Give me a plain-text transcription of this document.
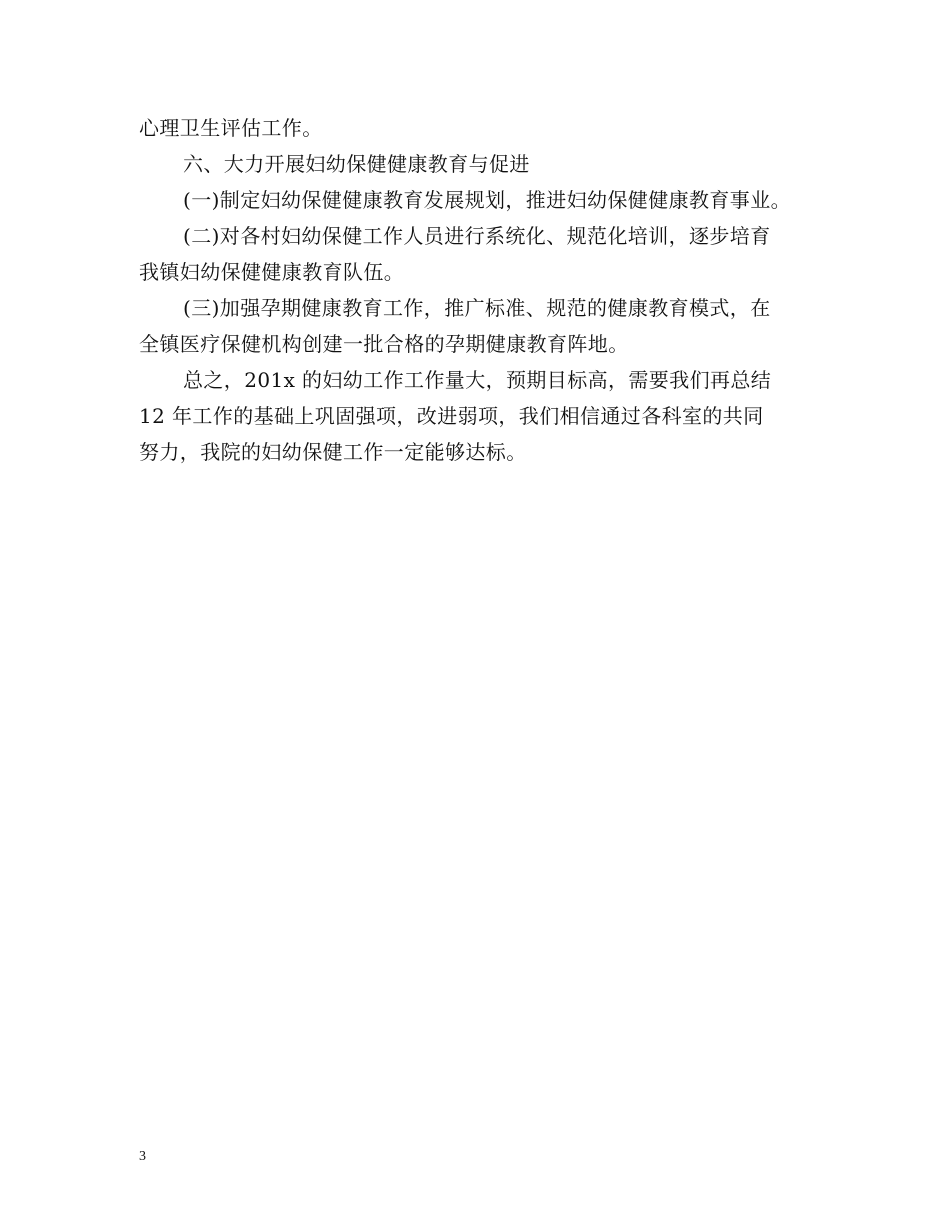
心理卫生评估工作。
六、大力开展妇幼保健健康教育与促进
(一)制定妇幼保健健康教育发展规划，推进妇幼保健健康教育事业。
(二)对各村妇幼保健工作人员进行系统化、规范化培训，逐步培育
我镇妇幼保健健康教育队伍。
(三)加强孕期健康教育工作，推广标准、规范的健康教育模式，在
全镇医疗保健机构创建一批合格的孕期健康教育阵地。
总之，201x 的妇幼工作工作量大，预期目标高，需要我们再总结
12 年工作的基础上巩固强项，改进弱项，我们相信通过各科室的共同
努力，我院的妇幼保健工作一定能够达标。
3
